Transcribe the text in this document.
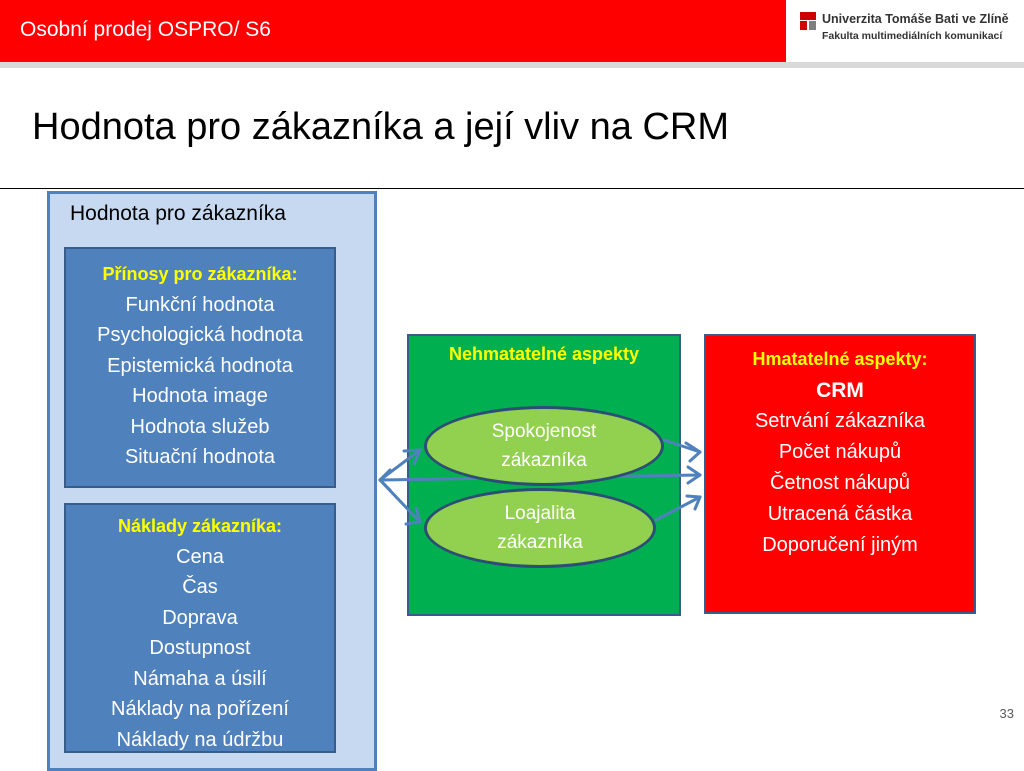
Osobní prodej OSPRO/ S6	Univerzita Tomáše Bati ve Zlíně
Fakulta multimediálních komunikací
Hodnota pro zákazníka a její vliv na CRM
Hodnota pro zákazníka
Přínosy pro zákazníka:
Funkční hodnota
Psychologická hodnota
Epistemická hodnota
Hodnota image
Hodnota služeb
Situační hodnota
Náklady zákazníka:
Cena
Čas
Doprava
Dostupnost
Námaha a úsilí
Náklady na pořízení
Náklady na údržbu
Nehmatatelné aspekty	Hmatatelné aspekty:
CRM
Setrvání zákazníka
Počet nákupů
Četnost nákupů
Utracená částka
Doporučení jiným
Spokojenost
zákazníka
Loajalita
zákazníka
33
